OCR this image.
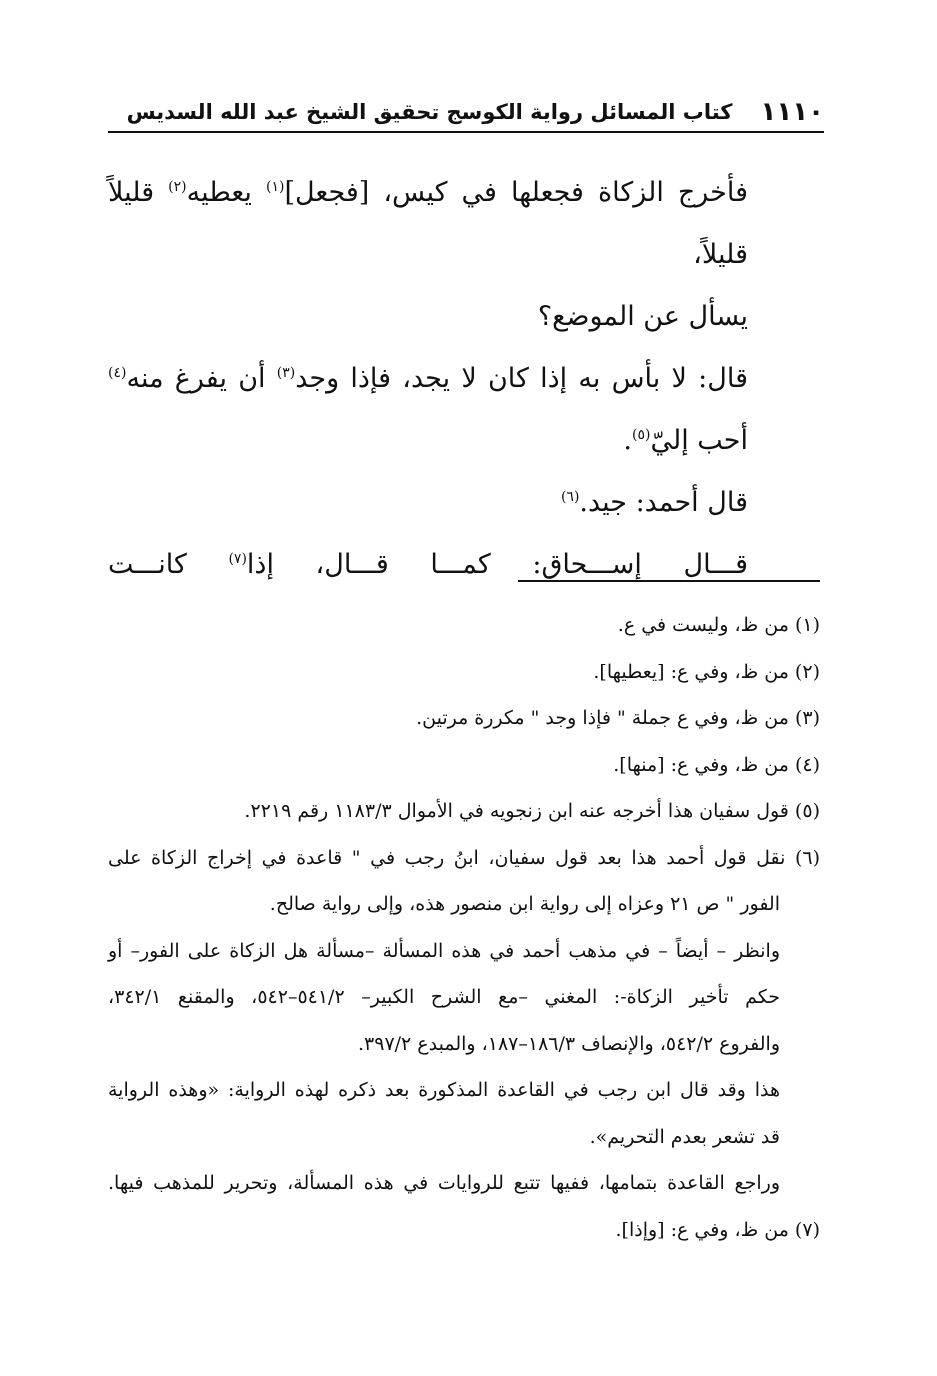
١١١٠
كتاب المسائل رواية الكوسج تحقيق الشيخ عبد الله السديس

فأخرج الزكاة فجعلها في كيس، [فجعل]$^{(١)}$ يعطيه$^{(٢)}$ قليلاً قليلاً،

يسأل عن الموضع؟

قال: لا بأس به إذا كان لا يجد، فإذا وجد$^{(٣)}$ أن يفرغ منه$^{(٤)}$

أحب إليّ$^{(٥)}$.

قال أحمد: جيد.$^{(٦)}$

قـــال إســـحاق: كمـــا قـــال، إذا$^{(٧)}$ كانـــت

(١) من ظ، وليست في ع.

(٢) من ظ، وفي ع: [يعطيها].

(٣) من ظ، وفي ع جملة " فإذا وجد " مكررة مرتين.

(٤) من ظ، وفي ع: [منها].

(٥) قول سفيان هذا أخرجه عنه ابن زنجويه في الأموال ١١٨٣/٣ رقم ٢٢١٩.

(٦) نقل قول أحمد هذا بعد قول سفيان، ابنُ رجب في " قاعدة في إخراج الزكاة على
الفور " ص ٢١ وعزاه إلى رواية ابن منصور هذه، وإلى رواية صالح.
وانظر – أيضاً – في مذهب أحمد في هذه المسألة –مسألة هل الزكاة على الفور– أو
حكم تأخير الزكاة-: المغني –مع الشرح الكبير– ٥٤١/٢–٥٤٢، والمقنع ٣٤٢/١،
والفروع ٥٤٢/٢، والإنصاف ١٨٦/٣–١٨٧، والمبدع ٣٩٧/٢.
هذا وقد قال ابن رجب في القاعدة المذكورة بعد ذكره لهذه الرواية: «وهذه الرواية
قد تشعر بعدم التحريم».
وراجع القاعدة بتمامها، ففيها تتبع للروايات في هذه المسألة، وتحرير للمذهب فيها.

(٧) من ظ، وفي ع: [وإذا].
